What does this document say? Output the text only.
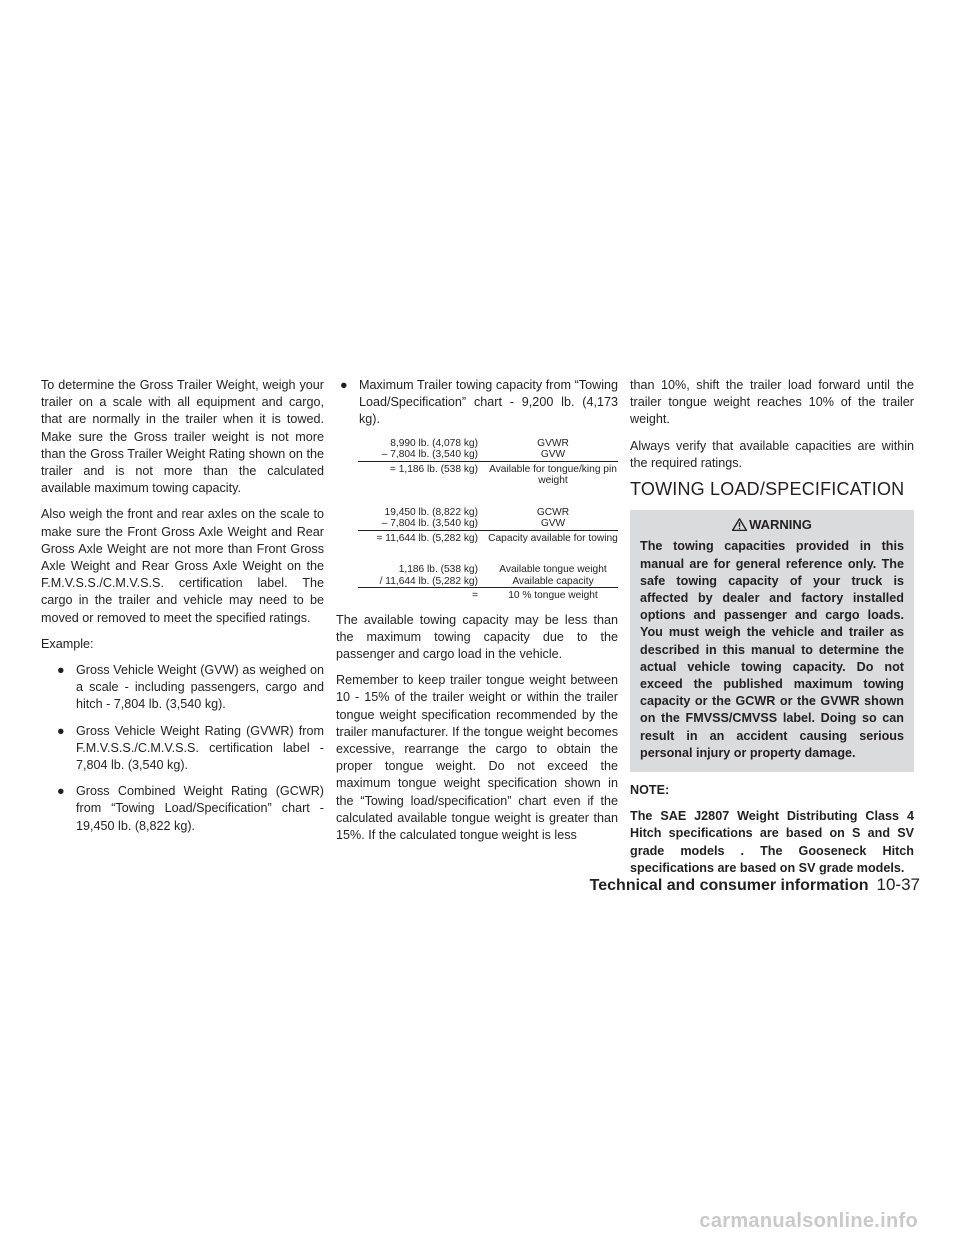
To determine the Gross Trailer Weight, weigh your trailer on a scale with all equipment and cargo, that are normally in the trailer when it is towed. Make sure the Gross trailer weight is not more than the Gross Trailer Weight Rating shown on the trailer and is not more than the calculated available maximum towing capacity.

Also weigh the front and rear axles on the scale to make sure the Front Gross Axle Weight and Rear Gross Axle Weight are not more than Front Gross Axle Weight and Rear Gross Axle Weight on the F.M.V.S.S./C.M.V.S.S. certification label. The cargo in the trailer and vehicle may need to be moved or removed to meet the specified ratings.

Example:

● Gross Vehicle Weight (GVW) as weighed on a scale - including passengers, cargo and hitch - 7,804 lb. (3,540 kg).
● Gross Vehicle Weight Rating (GVWR) from F.M.V.S.S./C.M.V.S.S. certification label - 7,804 lb. (3,540 kg).
● Gross Combined Weight Rating (GCWR) from “Towing Load/Specification” chart - 19,450 lb. (8,822 kg).
● Maximum Trailer towing capacity from “Towing Load/Specification” chart - 9,200 lb. (4,173 kg).
8,990 lb. (4,078 kg)	GVWR
– 7,804 lb. (3,540 kg)	GVW
= 1,186 lb. (538 kg)	Available for tongue/king pin weight
19,450 lb. (8,822 kg)	GCWR
– 7,804 lb. (3,540 kg)	GVW
= 11,644 lb. (5,282 kg) Capacity available for towing
1,186 lb. (538 kg)	Available tongue weight
/ 11,644 lb. (5,282 kg)	Available capacity
=	10 % tongue weight

The available towing capacity may be less than the maximum towing capacity due to the passenger and cargo load in the vehicle.

Remember to keep trailer tongue weight between 10 - 15% of the trailer weight or within the trailer tongue weight specification recommended by the trailer manufacturer. If the tongue weight becomes excessive, rearrange the cargo to obtain the proper tongue weight. Do not exceed the maximum tongue weight specification shown in the “Towing load/specification” chart even if the calculated available tongue weight is greater than 15%. If the calculated tongue weight is less

than 10%, shift the trailer load forward until the trailer tongue weight reaches 10% of the trailer weight.

Always verify that available capacities are within the required ratings.

TOWING LOAD/SPECIFICATION
WARNING
The towing capacities provided in this manual are for general reference only. The safe towing capacity of your truck is affected by dealer and factory installed options and passenger and cargo loads. You must weigh the vehicle and trailer as described in this manual to determine the actual vehicle towing capacity. Do not exceed the published maximum towing capacity or the GCWR or the GVWR shown on the FMVSS/CMVSS label. Doing so can result in an accident causing serious personal injury or property damage.

NOTE:

The SAE J2807 Weight Distributing Class 4 Hitch specifications are based on S and SV grade models . The Gooseneck Hitch specifications are based on SV grade models.

Technical and consumer information 10-37
carmanualsonline.info
